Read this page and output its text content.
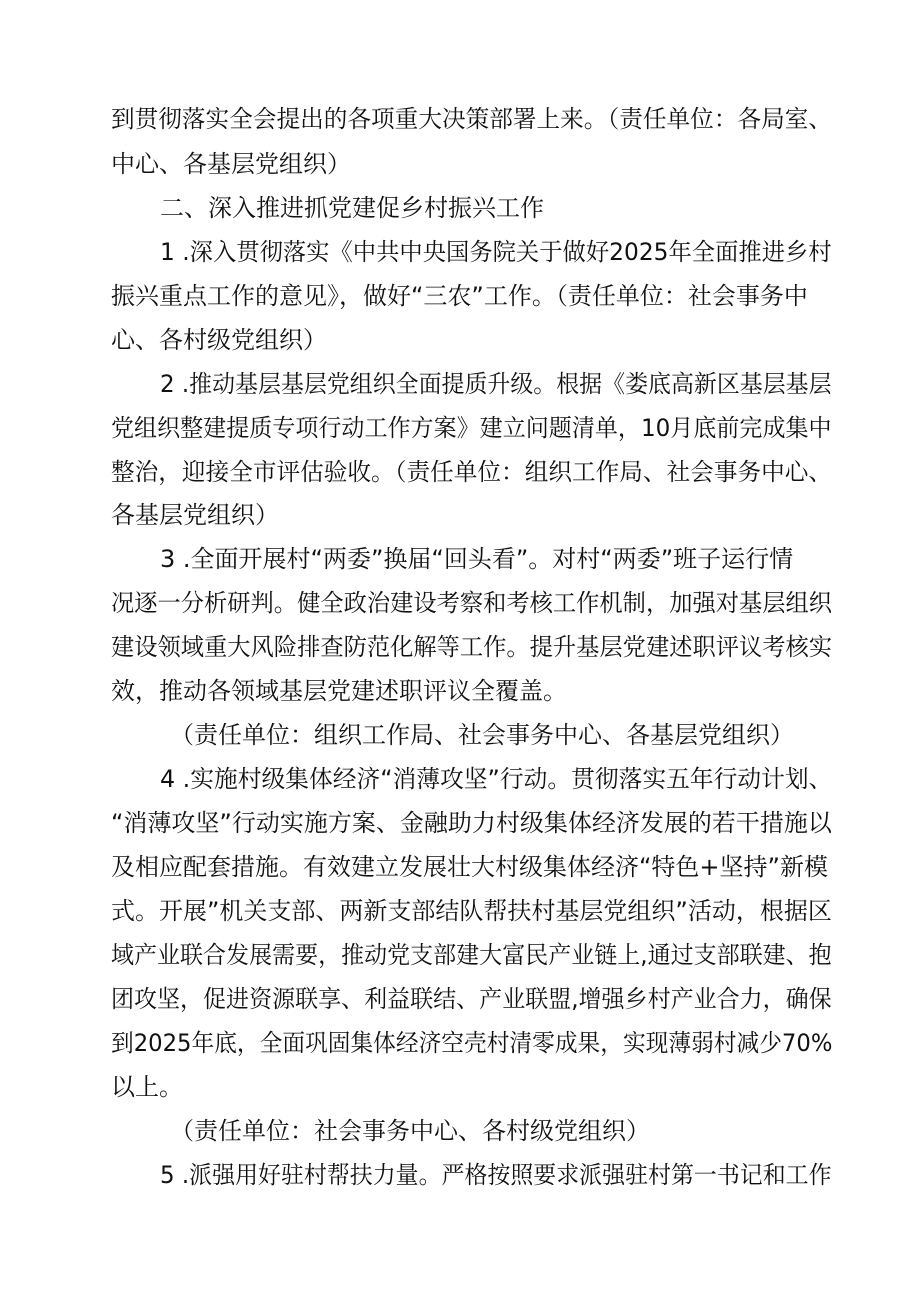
到贯彻落实全会提出的各项重大决策部署上来。（责任单位：各局室、
中心、各基层党组织）
二、深入推进抓党建促乡村振兴工作
1 .深入贯彻落实《中共中央国务院关于做好2025年全面推进乡村
振兴重点工作的意见》，做好“三农”工作。（责任单位：社会事务中
心、各村级党组织）
2 .推动基层基层党组织全面提质升级。根据《娄底高新区基层基层
党组织整建提质专项行动工作方案》建立问题清单，10月底前完成集中
整治，迎接全市评估验收。（责任单位：组织工作局、社会事务中心、
各基层党组织）
3 .全面开展村“两委”换届“回头看”。对村“两委”班子运行情
况逐一分析研判。健全政治建设考察和考核工作机制，加强对基层组织
建设领域重大风险排查防范化解等工作。提升基层党建述职评议考核实
效，推动各领域基层党建述职评议全覆盖。
（责任单位：组织工作局、社会事务中心、各基层党组织）
4 .实施村级集体经济“消薄攻坚”行动。贯彻落实五年行动计划、
“消薄攻坚”行动实施方案、金融助力村级集体经济发展的若干措施以
及相应配套措施。有效建立发展壮大村级集体经济“特色+坚持”新模
式。开展”机关支部、两新支部结队帮扶村基层党组织”活动，根据区
域产业联合发展需要，推动党支部建大富民产业链上,通过支部联建、抱
团攻坚，促进资源联享、利益联结、产业联盟,增强乡村产业合力，确保
到2025年底，全面巩固集体经济空壳村清零成果，实现薄弱村减少70%
以上。
（责任单位：社会事务中心、各村级党组织）
5 .派强用好驻村帮扶力量。严格按照要求派强驻村第一书记和工作
